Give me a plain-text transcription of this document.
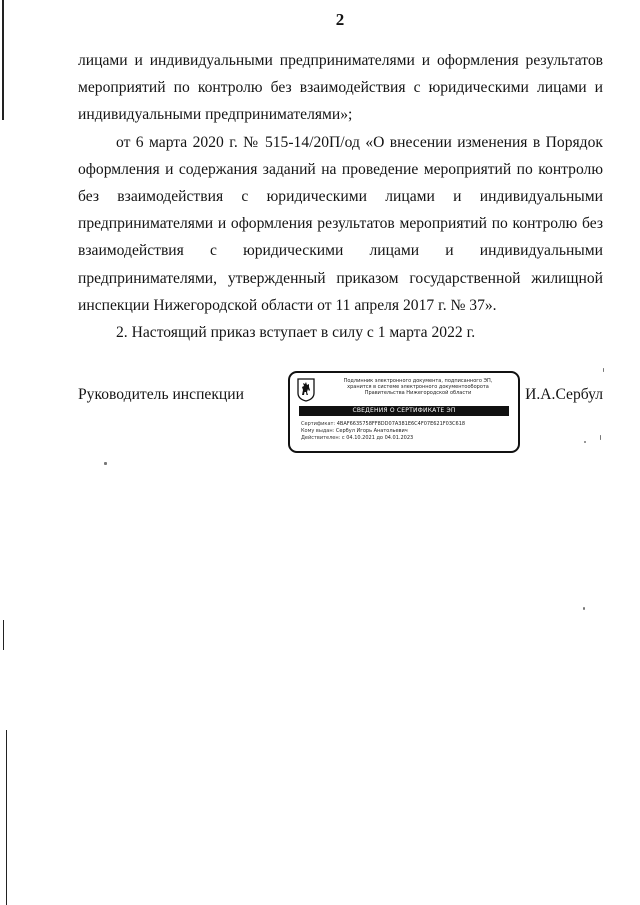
2

лицами и индивидуальными предпринимателями и оформления результатов мероприятий по контролю без взаимодействия с юридическими лицами и индивидуальными предпринимателями»;

от 6 марта 2020 г. № 515-14/20П/од «О внесении изменения в Порядок оформления и содержания заданий на проведение мероприятий по контролю без взаимодействия с юридическими лицами и индивидуальными предпринимателями и оформления результатов мероприятий по контролю без взаимодействия с юридическими лицами и индивидуальными предпринимателями, утвержденный приказом государственной жилищной инспекции Нижегородской области от 11 апреля 2017 г. № 37».

2. Настоящий приказ вступает в силу с 1 марта 2022 г.

Руководитель инспекции	И.А.Сербул
Подлинник электронного документа, подписанного ЭП,
хранится в системе электронного документооборота
Правительства Нижегородской области
СВЕДЕНИЯ О СЕРТИФИКАТЕ ЭП
Сертификат: 4BAF6635758FF8DD07A381E6C4F07E621F03C618
Кому выдан: Сербул Игорь Анатольевич
Действителен: с 04.10.2021 до 04.01.2023
